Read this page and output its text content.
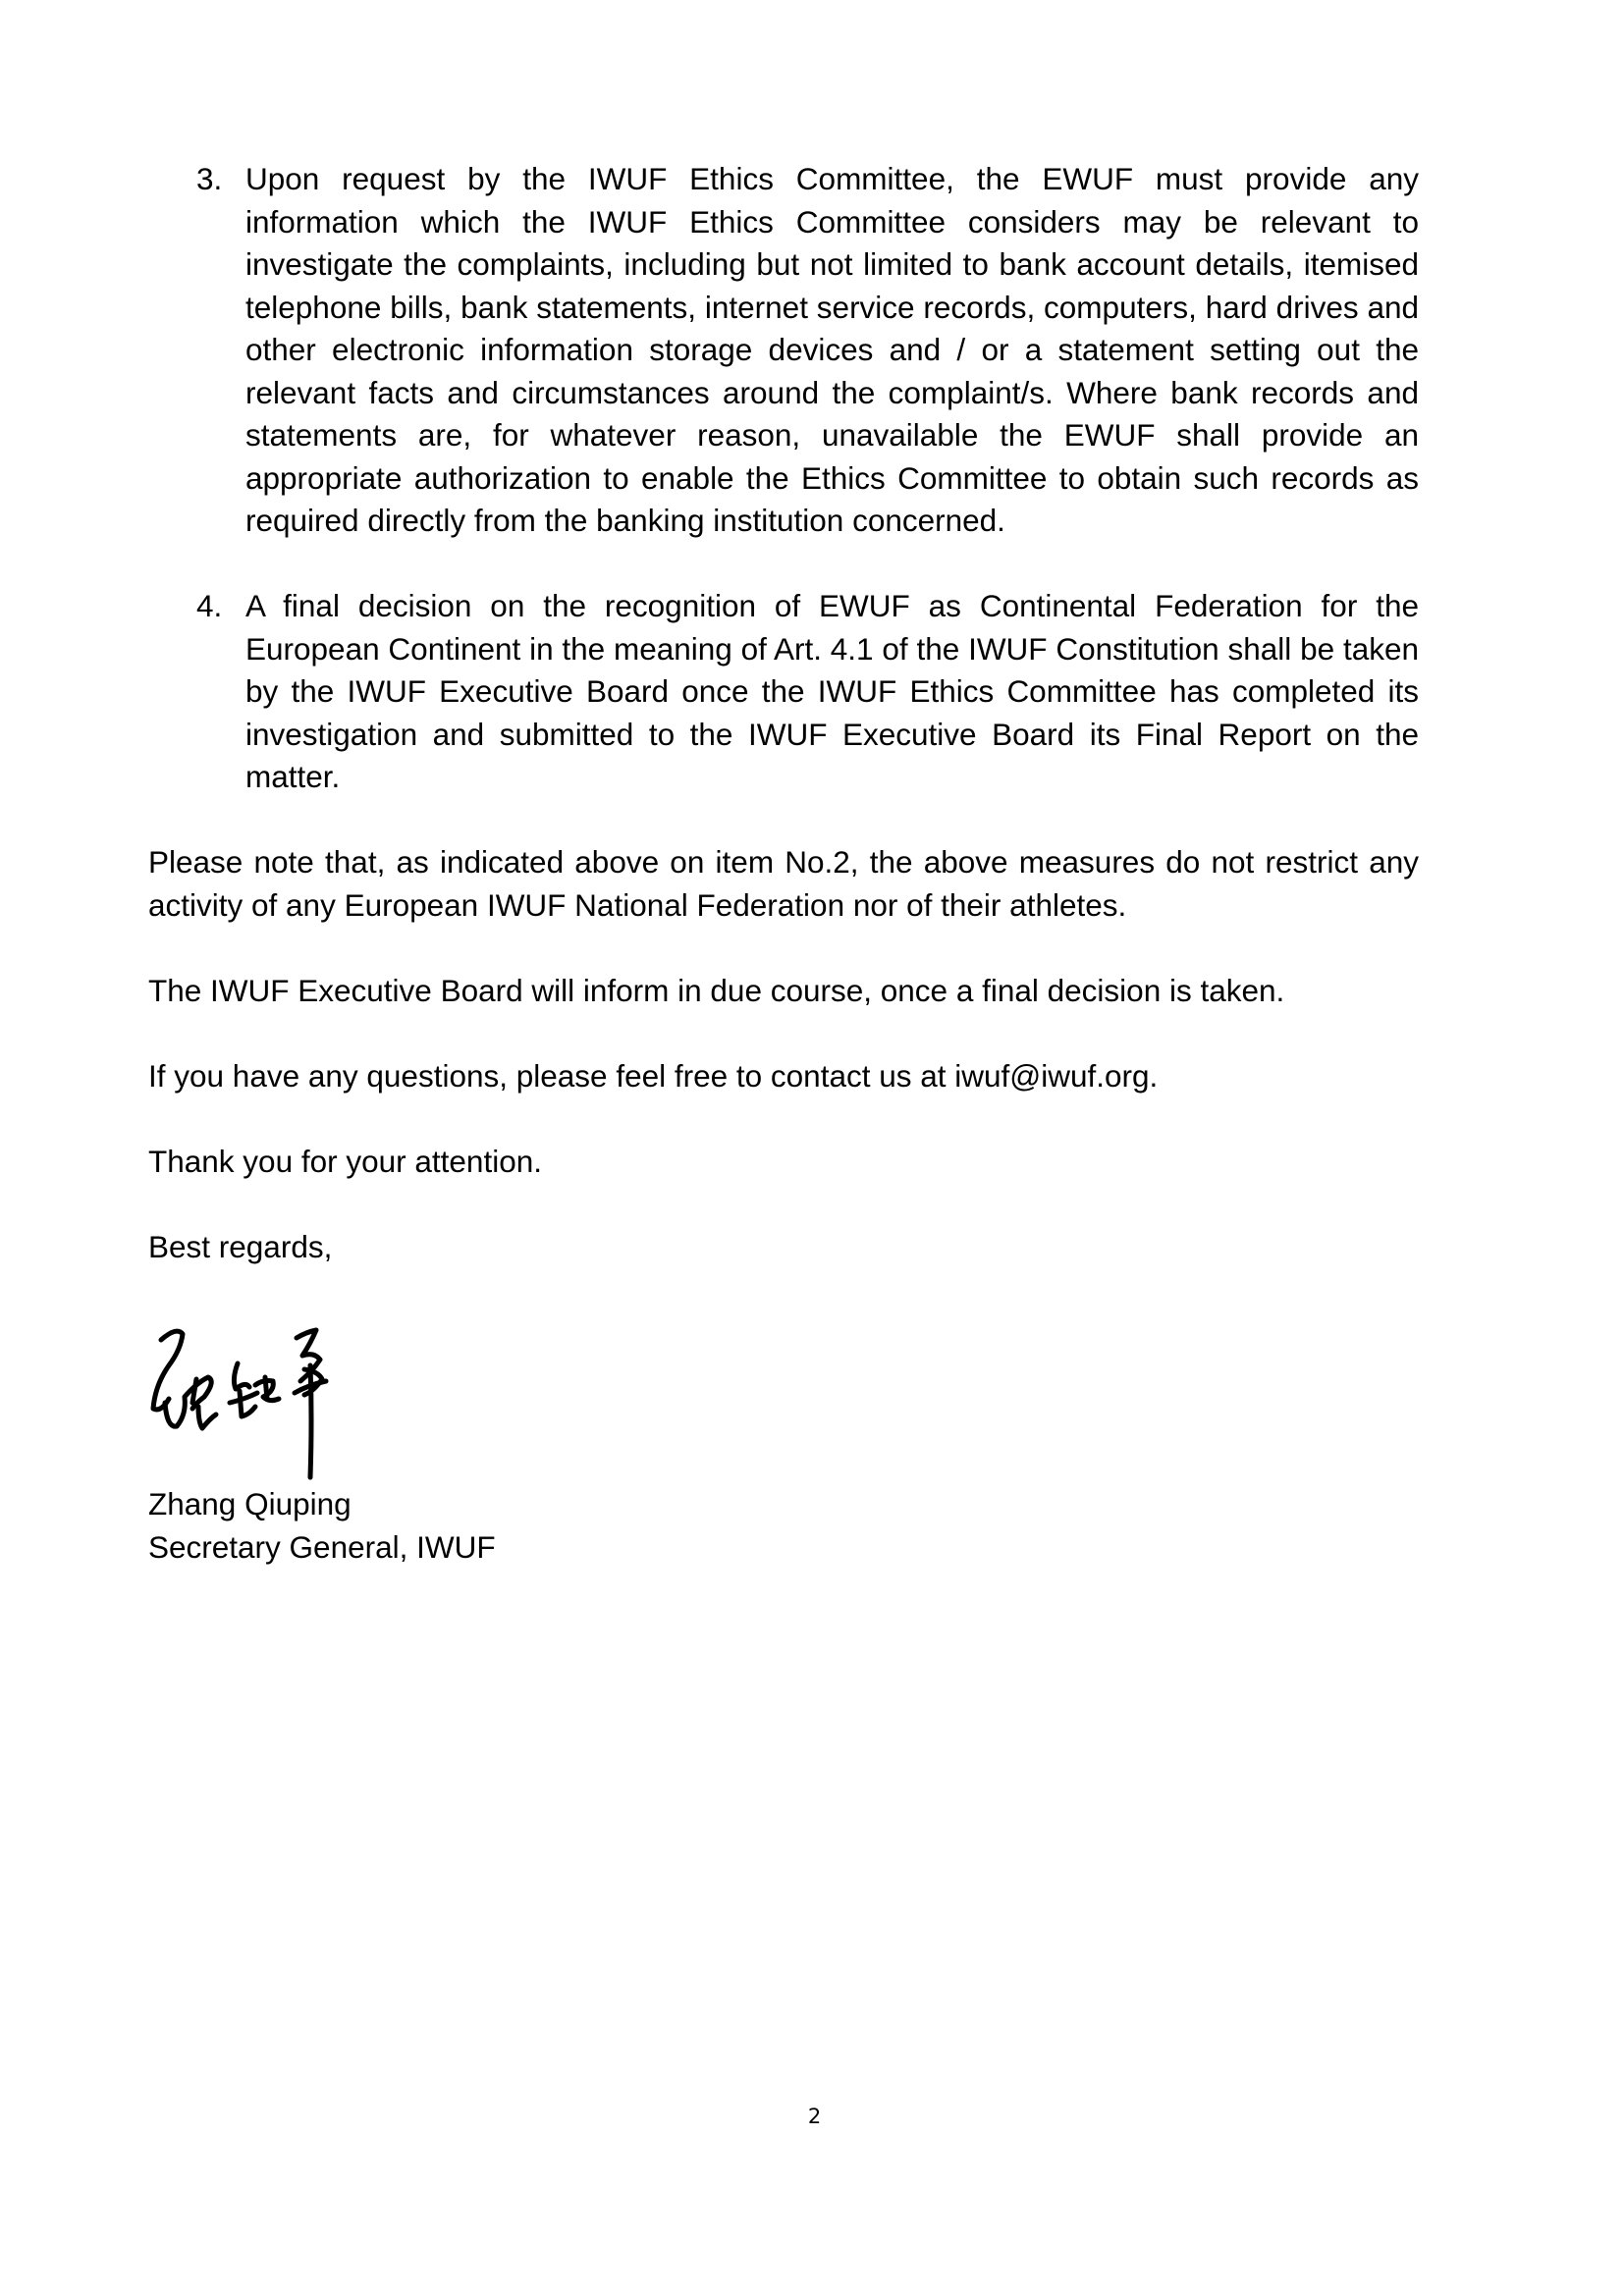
3. Upon request by the IWUF Ethics Committee, the EWUF must provide any information which the IWUF Ethics Committee considers may be relevant to investigate the complaints, including but not limited to bank account details, itemised telephone bills, bank statements, internet service records, computers, hard drives and other electronic information storage devices and / or a statement setting out the relevant facts and circumstances around the complaint/s. Where bank records and statements are, for whatever reason, unavailable the EWUF shall provide an appropriate authorization to enable the Ethics Committee to obtain such records as required directly from the banking institution concerned.
4. A final decision on the recognition of EWUF as Continental Federation for the European Continent in the meaning of Art. 4.1 of the IWUF Constitution shall be taken by the IWUF Executive Board once the IWUF Ethics Committee has completed its investigation and submitted to the IWUF Executive Board its Final Report on the matter.

Please note that, as indicated above on item No.2, the above measures do not restrict any activity of any European IWUF National Federation nor of their athletes.

The IWUF Executive Board will inform in due course, once a final decision is taken.

If you have any questions, please feel free to contact us at iwuf@iwuf.org.

Thank you for your attention.

Best regards,

Zhang Qiuping
Secretary General, IWUF
2
